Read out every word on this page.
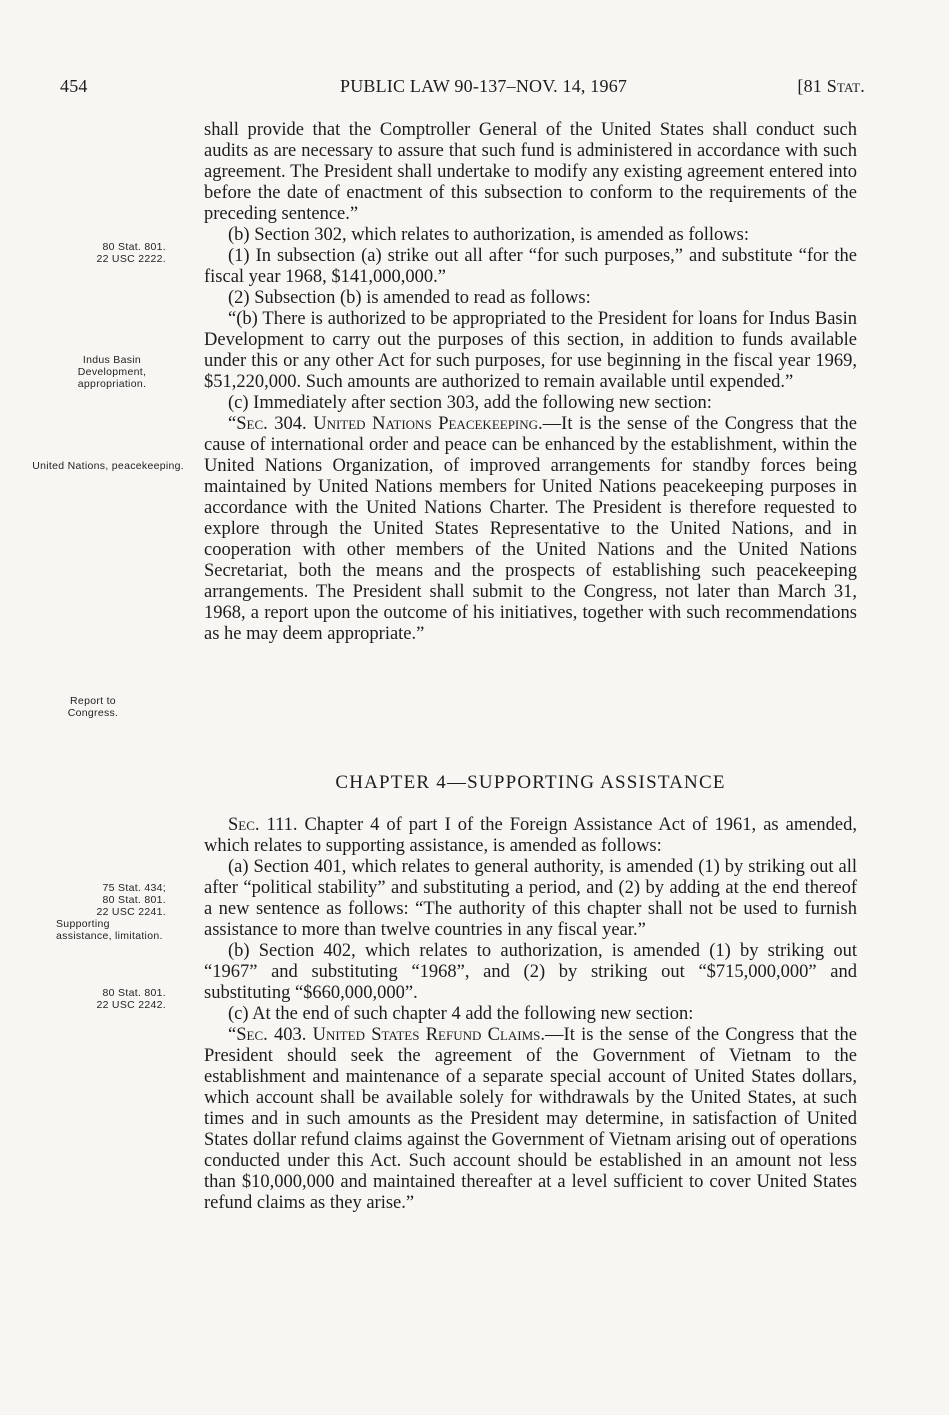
454	PUBLIC LAW 90-137–NOV. 14, 1967	[81 Stat.
80 Stat. 801.
22 USC 2222.
Indus Basin Development, appropriation.
United Nations, peacekeeping.
Report to Congress.
75 Stat. 434;
80 Stat. 801.
22 USC 2241.
Supporting assistance, limitation.
80 Stat. 801.
22 USC 2242.

shall provide that the Comptroller General of the United States shall conduct such audits as are necessary to assure that such fund is administered in accordance with such agreement. The President shall undertake to modify any existing agreement entered into before the date of enactment of this subsection to conform to the requirements of the preceding sentence.”

(b) Section 302, which relates to authorization, is amended as follows:

(1) In subsection (a) strike out all after “for such purposes,” and substitute “for the fiscal year 1968, $141,000,000.”

(2) Subsection (b) is amended to read as follows:

“(b) There is authorized to be appropriated to the President for loans for Indus Basin Development to carry out the purposes of this section, in addition to funds available under this or any other Act for such purposes, for use beginning in the fiscal year 1969, $51,220,000. Such amounts are authorized to remain available until expended.”

(c) Immediately after section 303, add the following new section:

“Sec. 304. United Nations Peacekeeping.—It is the sense of the Congress that the cause of international order and peace can be enhanced by the establishment, within the United Nations Organization, of improved arrangements for standby forces being maintained by United Nations members for United Nations peacekeeping purposes in accordance with the United Nations Charter. The President is therefore requested to explore through the United States Representative to the United Nations, and in cooperation with other members of the United Nations and the United Nations Secretariat, both the means and the prospects of establishing such peacekeeping arrangements. The President shall submit to the Congress, not later than March 31, 1968, a report upon the outcome of his initiatives, together with such recommendations as he may deem appropriate.”

CHAPTER 4—SUPPORTING ASSISTANCE

Sec. 111. Chapter 4 of part I of the Foreign Assistance Act of 1961, as amended, which relates to supporting assistance, is amended as follows:

(a) Section 401, which relates to general authority, is amended (1) by striking out all after “political stability” and substituting a period, and (2) by adding at the end thereof a new sentence as follows: “The authority of this chapter shall not be used to furnish assistance to more than twelve countries in any fiscal year.”

(b) Section 402, which relates to authorization, is amended (1) by striking out “1967” and substituting “1968”, and (2) by striking out “$715,000,000” and substituting “$660,000,000”.

(c) At the end of such chapter 4 add the following new section:

“Sec. 403. United States Refund Claims.—It is the sense of the Congress that the President should seek the agreement of the Government of Vietnam to the establishment and maintenance of a separate special account of United States dollars, which account shall be available solely for withdrawals by the United States, at such times and in such amounts as the President may determine, in satisfaction of United States dollar refund claims against the Government of Vietnam arising out of operations conducted under this Act. Such account should be established in an amount not less than $10,000,000 and maintained thereafter at a level sufficient to cover United States refund claims as they arise.”
